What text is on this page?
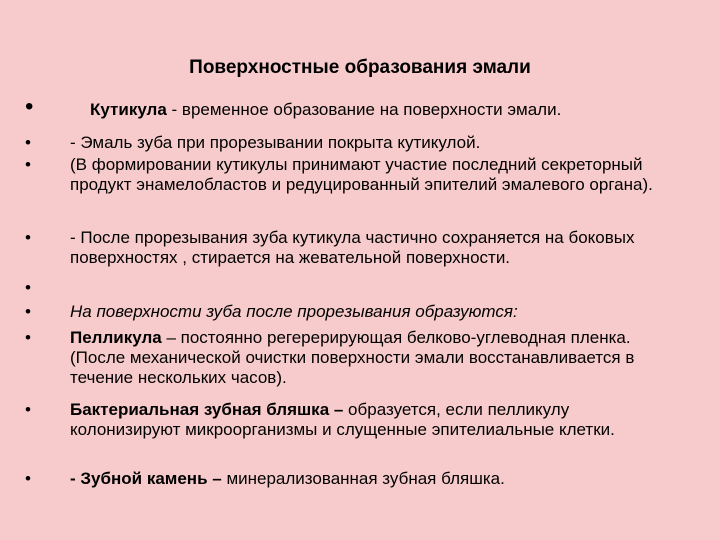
Поверхностные образования эмали
•	Кутикула - временное образование на поверхности эмали.
•	- Эмаль зуба при прорезывании покрыта кутикулой.
•	(В формировании кутикулы принимают участие последний секреторный продукт энамелобластов и редуцированный эпителий эмалевого органа).
•	- После прорезывания зуба кутикула частично сохраняется на боковых поверхностях , стирается на жевательной поверхности.
•
•	На поверхности зуба после прорезывания образуются:
•	Пелликула – постоянно регерерирующая белково-углеводная пленка. (После механической очистки поверхности эмали восстанавливается в течение нескольких часов).
•	Бактериальная зубная бляшка – образуется, если пелликулу колонизируют микроорганизмы и слущенные эпителиальные клетки.
•	- Зубной камень – минерализованная зубная бляшка.
